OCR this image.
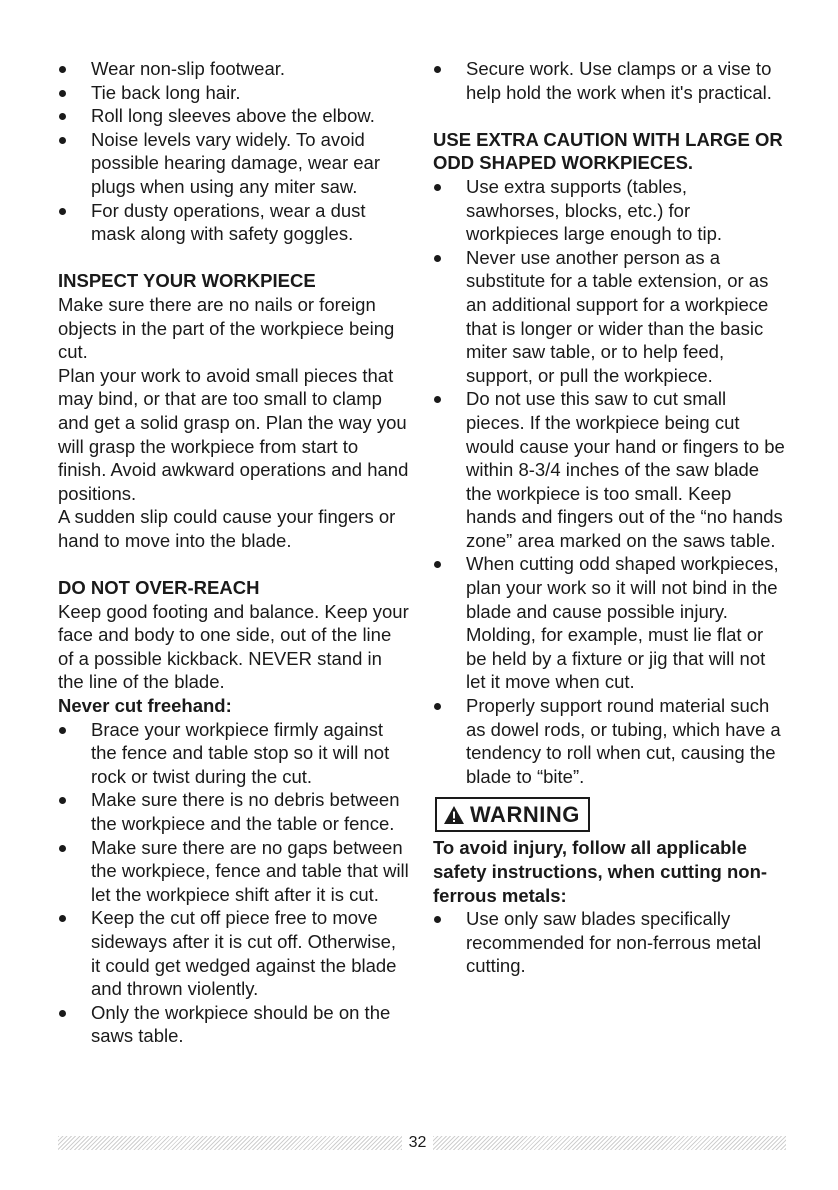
Wear non-slip footwear.
Tie back long hair.
Roll long sleeves above the elbow.
Noise levels vary widely. To avoid possible hearing damage, wear ear plugs when using any miter saw.
For dusty operations, wear a dust mask along with safety goggles.
INSPECT YOUR WORKPIECE

Make sure there are no nails or foreign objects in the part of the workpiece being cut.

Plan your work to avoid small pieces that may bind, or that are too small to clamp and get a solid grasp on. Plan the way you will grasp the workpiece from start to finish. Avoid awkward operations and hand positions.

A sudden slip could cause your fingers or hand to move into the blade.

DO NOT OVER-REACH

Keep good footing and balance. Keep your face and body to one side, out of the line of a possible kickback. NEVER stand in the line of the blade.

Never cut freehand:
Brace your workpiece firmly against the fence and table stop so it will not rock or twist during the cut.
Make sure there is no debris between the workpiece and the table or fence.
Make sure there are no gaps between the workpiece, fence and table that will let the workpiece shift after it is cut.
Keep the cut off piece free to move sideways after it is cut off. Otherwise, it could get wedged against the blade and thrown violently.
Only the workpiece should be on the saws table.
Secure work. Use clamps or a vise to help hold the work when it's practical.
USE EXTRA CAUTION WITH LARGE OR ODD SHAPED WORKPIECES.
Use extra supports (tables, sawhorses, blocks, etc.) for workpieces large enough to tip.
Never use another person as a substitute for a table extension, or as an additional support for a workpiece that is longer or wider than the basic miter saw table, or to help feed, support, or pull the workpiece.
Do not use this saw to cut small pieces. If the workpiece being cut would cause your hand or fingers to be within 8-3/4 inches of the saw blade the workpiece is too small. Keep hands and fingers out of the “no hands zone” area marked on the saws table.
When cutting odd shaped workpieces, plan your work so it will not bind in the blade and cause possible injury. Molding, for example, must lie flat or be held by a fixture or jig that will not let it move when cut.
Properly support round material such as dowel rods, or tubing, which have a tendency to roll when cut, causing the blade to “bite”.
WARNING
To avoid injury, follow all applicable safety instructions, when cutting non-ferrous metals:
Use only saw blades specifically recommended for non-ferrous metal cutting.
32
